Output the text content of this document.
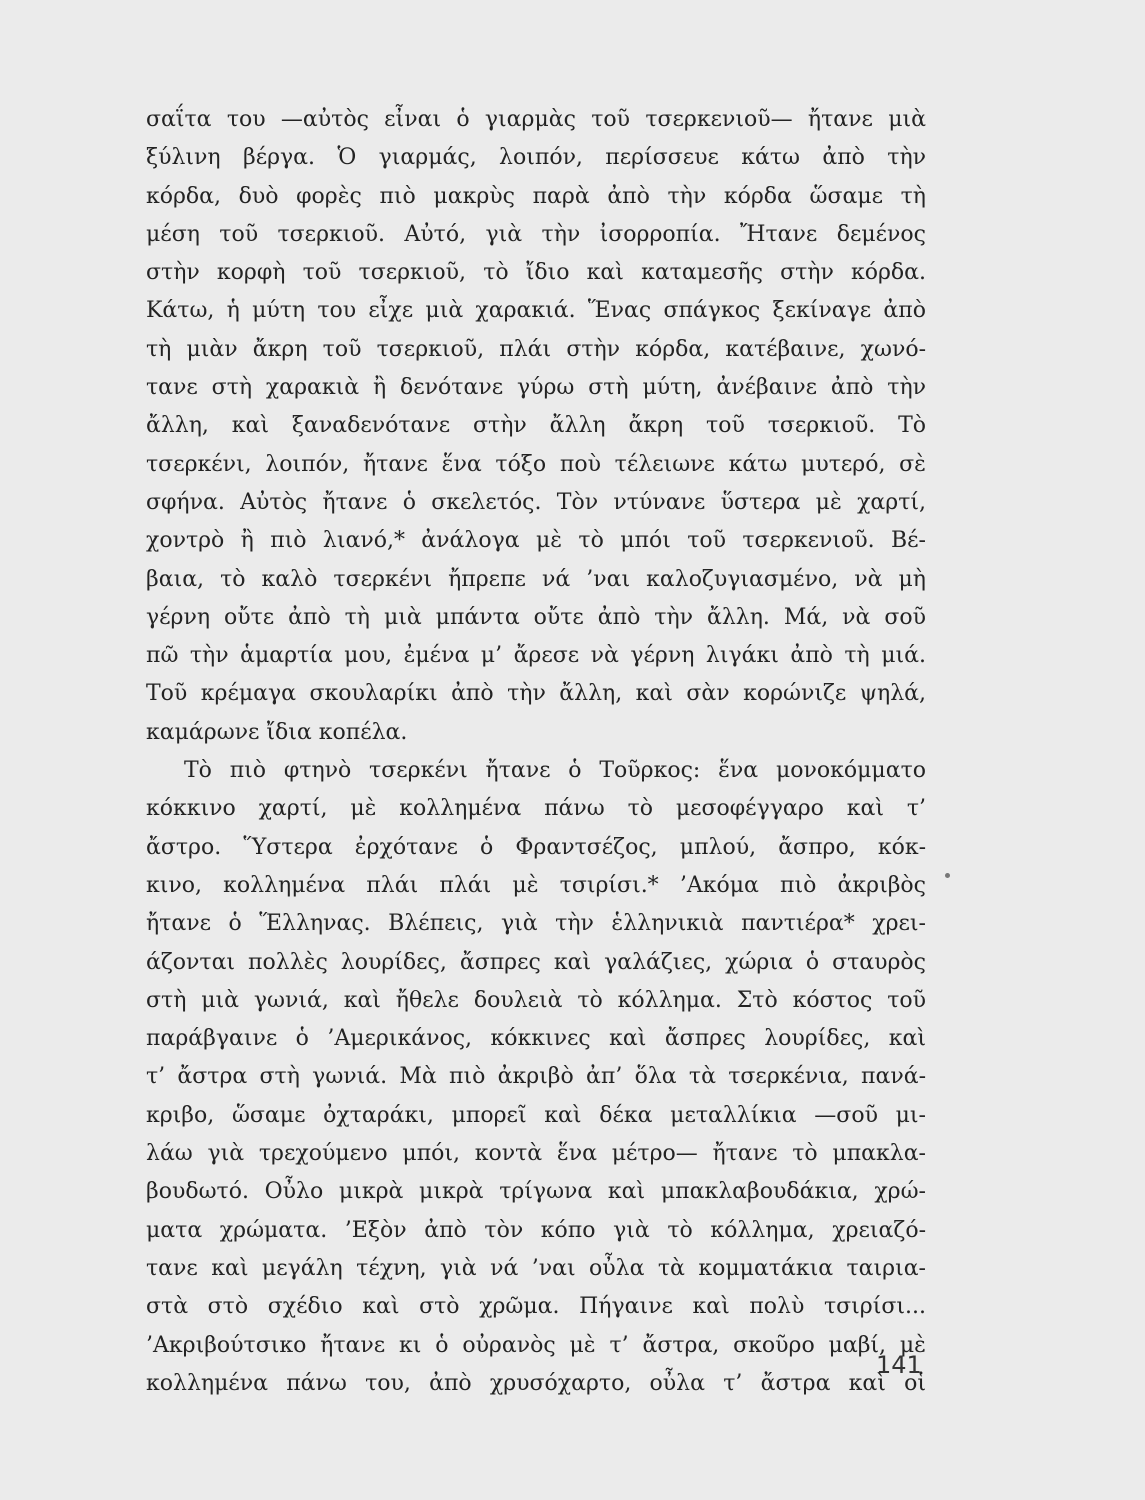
σαΐτα του —αὐτὸς εἶναι ὁ γιαρμὰς τοῦ τσερκενιοῦ— ἤτανε μιὰ
ξύλινη βέργα. Ὁ γιαρμάς, λοιπόν, περίσσευε κάτω ἀπὸ τὴν
κόρδα, δυὸ φορὲς πιὸ μακρὺς παρὰ ἀπὸ τὴν κόρδα ὥσαμε τὴ
μέση τοῦ τσερκιοῦ. Αὐτό, γιὰ τὴν ἰσορροπία. Ἤτανε δεμένος
στὴν κορφὴ τοῦ τσερκιοῦ, τὸ ἴδιο καὶ καταμεσῆς στὴν κόρδα.
Κάτω, ἡ μύτη του εἶχε μιὰ χαρακιά. Ἕνας σπάγκος ξεκίναγε ἀπὸ
τὴ μιὰν ἄκρη τοῦ τσερκιοῦ, πλάι στὴν κόρδα, κατέβαινε, χωνό-
τανε στὴ χαρακιὰ ἢ δενότανε γύρω στὴ μύτη, ἀνέβαινε ἀπὸ τὴν
ἄλλη, καὶ ξαναδενότανε στὴν ἄλλη ἄκρη τοῦ τσερκιοῦ. Τὸ
τσερκένι, λοιπόν, ἤτανε ἕνα τόξο ποὺ τέλειωνε κάτω μυτερό, σὲ
σφήνα. Αὐτὸς ἤτανε ὁ σκελετός. Τὸν ντύνανε ὕστερα μὲ χαρτί,
χοντρὸ ἢ πιὸ λιανό,* ἀνάλογα μὲ τὸ μπόι τοῦ τσερκενιοῦ. Βέ-
βαια, τὸ καλὸ τσερκένι ἤπρεπε νά ’ναι καλοζυγιασμένο, νὰ μὴ
γέρνη οὔτε ἀπὸ τὴ μιὰ μπάντα οὔτε ἀπὸ τὴν ἄλλη. Μά, νὰ σοῦ
πῶ τὴν ἁμαρτία μου, ἐμένα μ’ ἄρεσε νὰ γέρνη λιγάκι ἀπὸ τὴ μιά.
Τοῦ κρέμαγα σκουλαρίκι ἀπὸ τὴν ἄλλη, καὶ σὰν κορώνιζε ψηλά,
καμάρωνε ἴδια κοπέλα.
Τὸ πιὸ φτηνὸ τσερκένι ἤτανε ὁ Τοῦρκος: ἕνα μονοκόμματο
κόκκινο χαρτί, μὲ κολλημένα πάνω τὸ μεσοφέγγαρο καὶ τ’
ἄστρο. Ὕστερα ἐρχότανε ὁ Φραντσέζος, μπλού, ἄσπρο, κόκ-
κινο, κολλημένα πλάι πλάι μὲ τσιρίσι.* ’Ακόμα πιὸ ἀκριβὸς
ἤτανε ὁ Ἕλληνας. Βλέπεις, γιὰ τὴν ἑλληνικιὰ παντιέρα* χρει-
άζονται πολλὲς λουρίδες, ἄσπρες καὶ γαλάζιες, χώρια ὁ σταυρὸς
στὴ μιὰ γωνιά, καὶ ἤθελε δουλειὰ τὸ κόλλημα. Στὸ κόστος τοῦ
παράβγαινε ὁ ’Αμερικάνος, κόκκινες καὶ ἄσπρες λουρίδες, καὶ
τ’ ἄστρα στὴ γωνιά. Μὰ πιὸ ἀκριβὸ ἀπ’ ὅλα τὰ τσερκένια, πανά-
κριβο, ὥσαμε ὀχταράκι, μπορεῖ καὶ δέκα μεταλλίκια —σοῦ μι-
λάω γιὰ τρεχούμενο μπόι, κοντὰ ἕνα μέτρο— ἤτανε τὸ μπακλα-
βουδωτό. Οὖλο μικρὰ μικρὰ τρίγωνα καὶ μπακλαβουδάκια, χρώ-
ματα χρώματα. ’Εξὸν ἀπὸ τὸν κόπο γιὰ τὸ κόλλημα, χρειαζό-
τανε καὶ μεγάλη τέχνη, γιὰ νά ’ναι οὖλα τὰ κομματάκια ταιρια-
στὰ στὸ σχέδιο καὶ στὸ χρῶμα. Πήγαινε καὶ πολὺ τσιρίσι...
’Ακριβούτσικο ἤτανε κι ὁ οὐρανὸς μὲ τ’ ἄστρα, σκοῦρο μαβί, μὲ
κολλημένα πάνω του, ἀπὸ χρυσόχαρτο, οὖλα τ’ ἄστρα καὶ οἱ
141
